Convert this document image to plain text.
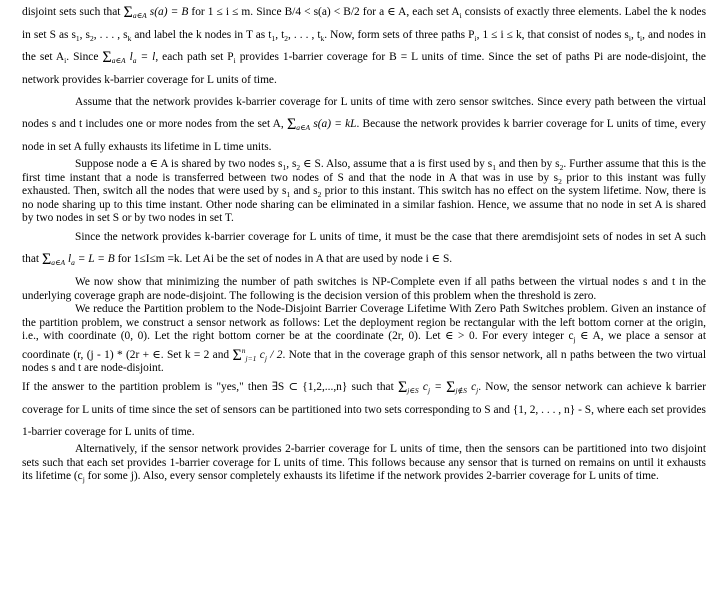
disjoint sets such that $\Sigma_{a\in A}$ s(a) = B for 1 ≤ i ≤ m. Since B/4 < s(a) < B/2 for a ∈ A, each set $A_i$ consists of exactly three elements. Label the k nodes in set S as $s_1$, $s_2$, . . . , $s_k$ and label the k nodes in T as $t_1$, $t_2$, . . . , $t_k$. Now, form sets of three paths $P_i$, 1 ≤ i ≤ k, that consist of nodes $s_i$, $t_i$, and nodes in the set $A_i$. Since $\Sigma_{a\in A}$ $l_a = l$, each path set $P_i$ provides 1-barrier coverage for B = L units of time. Since the set of paths Pi are node-disjoint, the network provides k-barrier coverage for L units of time.

Assume that the network provides k-barrier coverage for L units of time with zero sensor switches. Since every path between the virtual nodes s and t includes one or more nodes from the set A, $\Sigma_{a\in A}$ s(a) = kL. Because the network provides k barrier coverage for L units of time, every node in set A fully exhausts its lifetime in L time units.

Suppose node a ∈ A is shared by two nodes $s_1$, $s_2$ ∈ S. Also, assume that a is first used by $s_1$ and then by $s_2$. Further assume that this is the first time instant that a node is transferred between two nodes of S and that the node in A that was in use by $s_2$ prior to this instant was fully exhausted. Then, switch all the nodes that were used by $s_1$ and $s_2$ prior to this instant. This switch has no effect on the system lifetime. Now, there is no node sharing up to this time instant. Other node sharing can be eliminated in a similar fashion. Hence, we assume that no node in set A is shared by two nodes in set S or by two nodes in set T.

Since the network provides k-barrier coverage for L units of time, it must be the case that there aremdisjoint sets of nodes in set A such that $\Sigma_{a\in A}$ $l_a = L = B$ for 1≤I≤m =k. Let Ai be the set of nodes in A that are used by node i ∈ S.

We now show that minimizing the number of path switches is NP-Complete even if all paths between the virtual nodes s and t in the underlying coverage graph are node-disjoint. The following is the decision version of this problem when the threshold is zero.

We reduce the Partition problem to the Node-Disjoint Barrier Coverage Lifetime With Zero Path Switches problem. Given an instance of the partition problem, we construct a sensor network as follows: Let the deployment region be rectangular with the left bottom corner at the origin, i.e., with coordinate (0, 0). Let the right bottom corner be at the coordinate (2r, 0). Let ∈ > 0. For every integer $c_j$ ∈ A, we place a sensor at coordinate (r, (j - 1) * (2r + ∈. Set k = 2 and $\Sigma^n_{j=1}$ $c_j / 2$. Note that in the coverage graph of this sensor network, all n paths between the two virtual nodes s and t are node-disjoint.

If the answer to the partition problem is "yes," then ∃S ⊂ {1,2,...,n} such that $\Sigma_{j\in S}$ $c_j = \Sigma_{j\notin S}$ $c_j$. Now, the sensor network can achieve k barrier coverage for L units of time since the set of sensors can be partitioned into two sets corresponding to S and {1, 2, . . . , n} - S, where each set provides 1-barrier coverage for L units of time.

Alternatively, if the sensor network provides 2-barrier coverage for L units of time, then the sensors can be partitioned into two disjoint sets such that each set provides 1-barrier coverage for L units of time. This follows because any sensor that is turned on remains on until it exhausts its lifetime ($c_j$ for some j). Also, every sensor completely exhausts its lifetime if the network provides 2-barrier coverage for L units of time.
